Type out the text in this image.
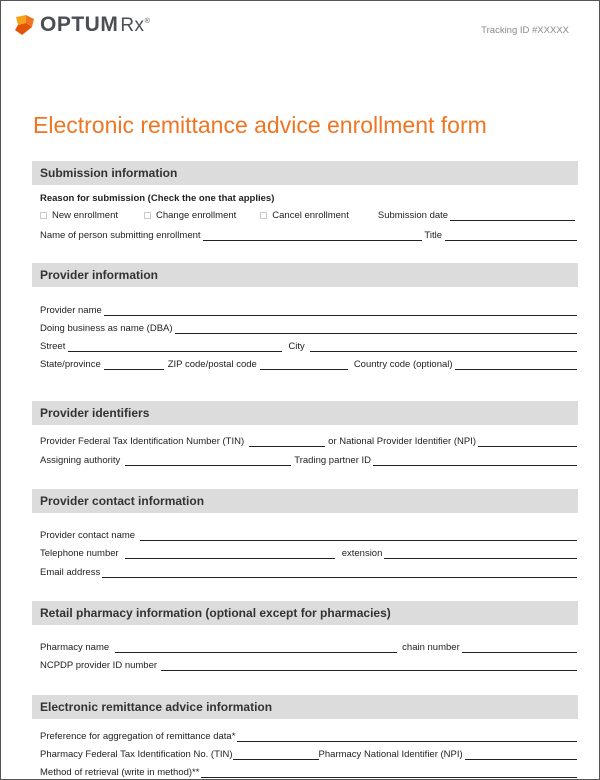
OPTUM Rx®
Tracking ID #XXXXX
Electronic remittance advice enrollment form
Submission information
Reason for submission (Check the one that applies)
New enrollment	Change enrollment	Cancel enrollment	Submission date
Name of person submitting enrollment	Title
Provider information
Provider name
Doing business as name (DBA)
Street	City
State/province	ZIP code/postal code	Country code (optional)
Provider identifiers
Provider Federal Tax Identification Number (TIN)	or National Provider Identifier (NPI)
Assigning authority	Trading partner ID
Provider contact information
Provider contact name
Telephone number	extension
Email address
Retail pharmacy information (optional except for pharmacies)
Pharmacy name	chain number
NCPDP provider ID number
Electronic remittance advice information
Preference for aggregation of remittance data*
Pharmacy Federal Tax Identification No. (TIN)	Pharmacy National Identifier (NPI)
Method of retrieval (write in method)**
